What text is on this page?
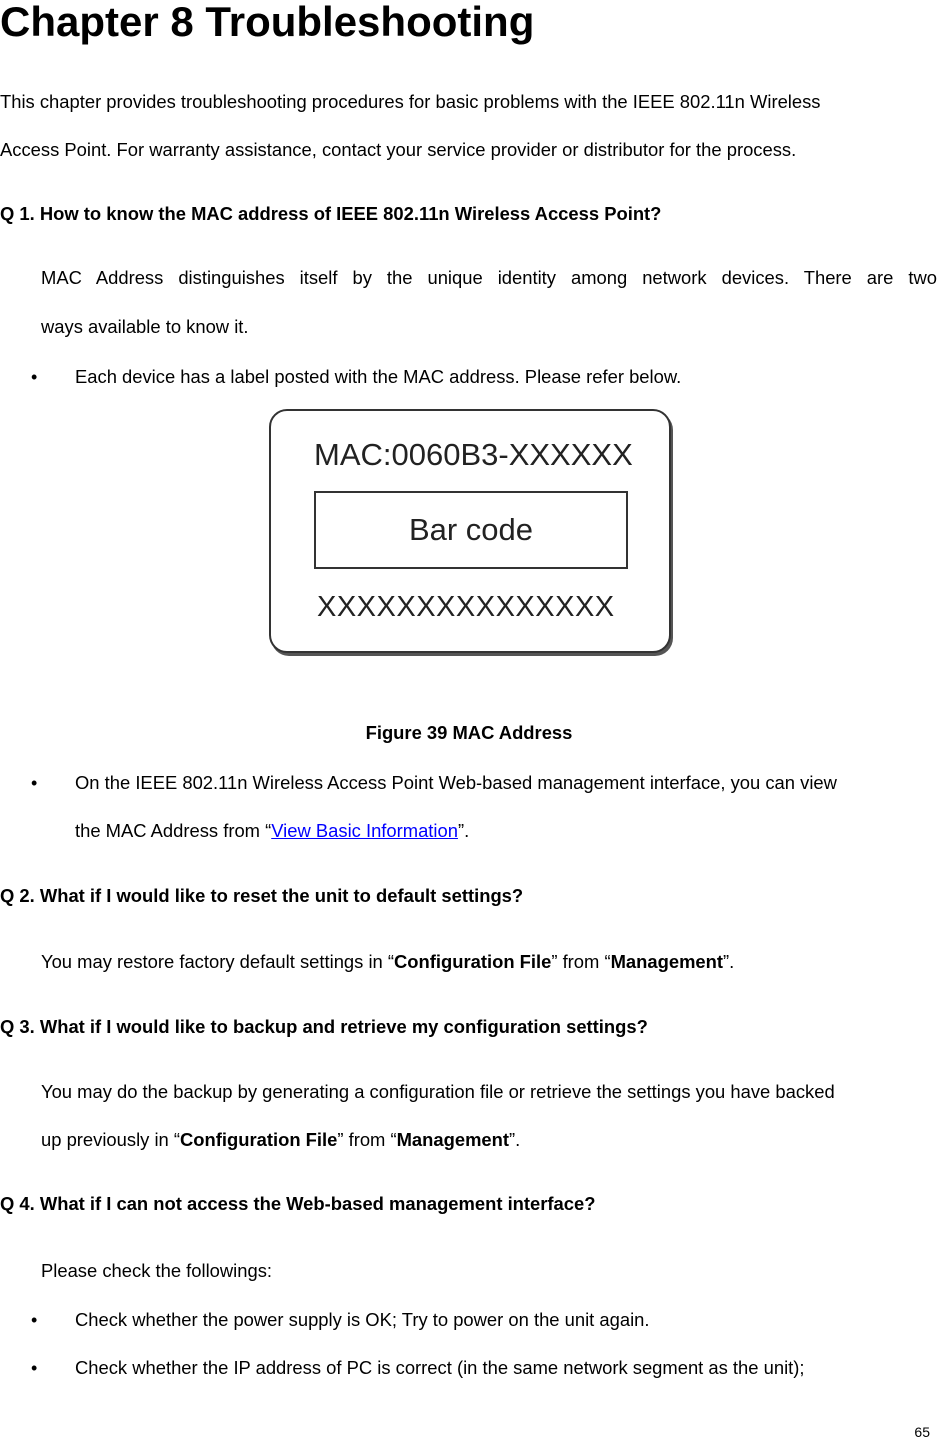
Chapter 8 Troubleshooting
This chapter provides troubleshooting procedures for basic problems with the IEEE 802.11n Wireless
Access Point. For warranty assistance, contact your service provider or distributor for the process.
Q 1. How to know the MAC address of IEEE 802.11n Wireless Access Point?
MAC Address distinguishes itself by the unique identity among network devices. There are two
ways available to know it.
• Each device has a label posted with the MAC address. Please refer below.
MAC:0060B3-XXXXXX
Bar code
XXXXXXXXXXXXXXX
Figure 39 MAC Address
• On the IEEE 802.11n Wireless Access Point Web-based management interface, you can view
the MAC Address from “View Basic Information”.
Q 2. What if I would like to reset the unit to default settings?
You may restore factory default settings in “Configuration File” from “Management”.
Q 3. What if I would like to backup and retrieve my configuration settings?
You may do the backup by generating a configuration file or retrieve the settings you have backed
up previously in “Configuration File” from “Management”.
Q 4. What if I can not access the Web-based management interface?
Please check the followings:
• Check whether the power supply is OK; Try to power on the unit again.
• Check whether the IP address of PC is correct (in the same network segment as the unit);
65
